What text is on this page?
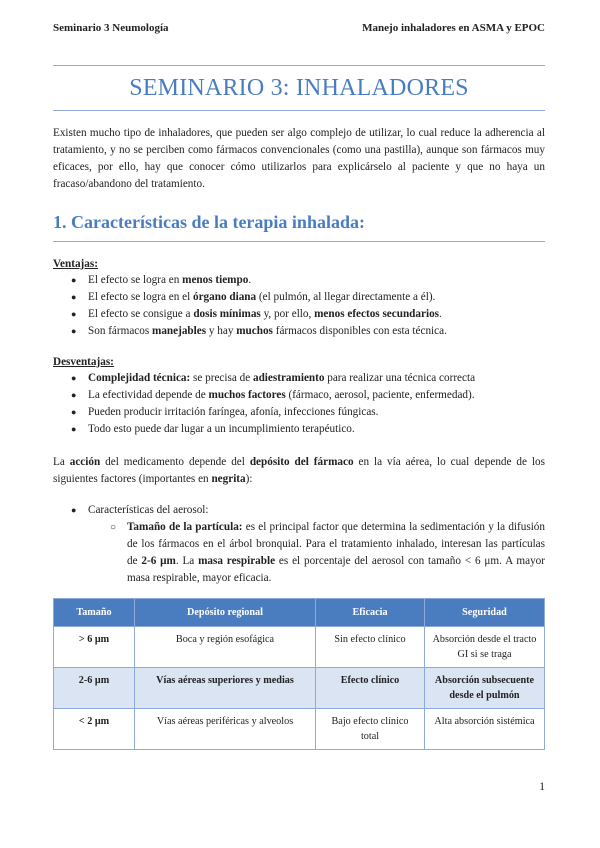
Seminario 3 Neumología	Manejo inhaladores en ASMA y EPOC
SEMINARIO 3: INHALADORES

Existen mucho tipo de inhaladores, que pueden ser algo complejo de utilizar, lo cual reduce la adherencia al tratamiento, y no se perciben como fármacos convencionales (como una pastilla), aunque son fármacos muy eficaces, por ello, hay que conocer cómo utilizarlos para explicárselo al paciente y que no haya un fracaso/abandono del tratamiento.

1. Características de la terapia inhalada:
Ventajas:
● El efecto se logra en menos tiempo.
● El efecto se logra en el órgano diana (el pulmón, al llegar directamente a él).
● El efecto se consigue a dosis mínimas y, por ello, menos efectos secundarios.
● Son fármacos manejables y hay muchos fármacos disponibles con esta técnica.
Desventajas:
● Complejidad técnica: se precisa de adiestramiento para realizar una técnica correcta
● La efectividad depende de muchos factores (fármaco, aerosol, paciente, enfermedad).
● Pueden producir irritación faríngea, afonía, infecciones fúngicas.
● Todo esto puede dar lugar a un incumplimiento terapéutico.

La acción del medicamento depende del depósito del fármaco en la vía aérea, lo cual depende de los siguientes factores (importantes en negrita):

● Características del aerosol:
○ Tamaño de la partícula: es el principal factor que determina la sedimentación y la difusión de los fármacos en el árbol bronquial. Para el tratamiento inhalado, interesan las partículas de 2-6 μm. La masa respirable es el porcentaje del aerosol con tamaño < 6 μm. A mayor masa respirable, mayor eficacia.
Tamaño	Depósito regional	Eficacia	Seguridad
> 6 μm	Boca y región esofágica	Sin efecto clínico	Absorción desde el tracto GI si se traga
2-6 μm	Vías aéreas superiores y medias	Efecto clínico	Absorción subsecuente desde el pulmón
< 2 μm	Vías aéreas periféricas y alveolos	Bajo efecto clínico total	Alta absorción sistémica
1
